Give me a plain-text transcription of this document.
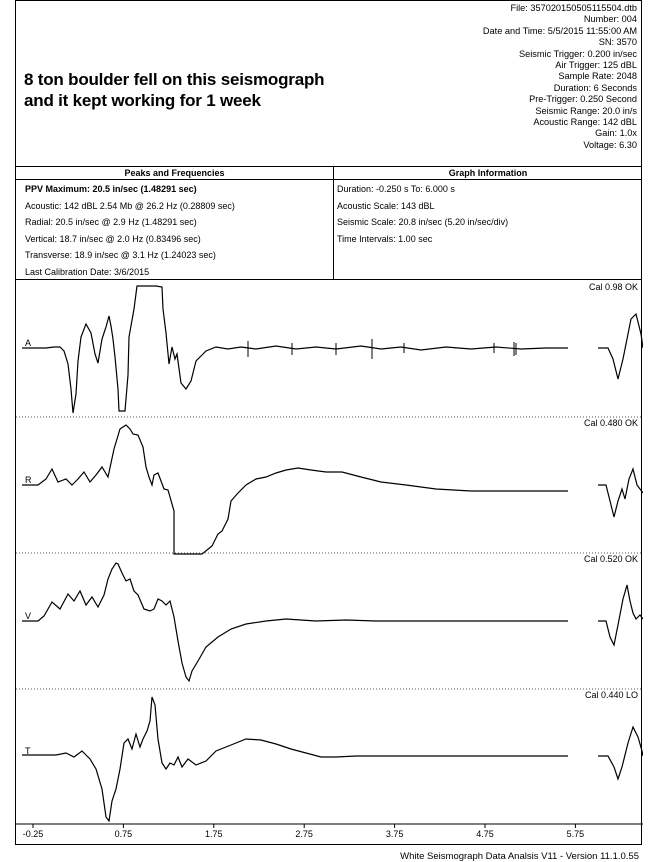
File: 357020150505115504.dtb
Number: 004
Date and Time: 5/5/2015 11:55:00 AM
SN: 3570
Seismic Trigger: 0.200 in/sec
Air Trigger: 125 dBL
Sample Rate: 2048
Duration: 6 Seconds
Pre-Trigger: 0.250 Second
Seismic Range: 20.0 in/s
Acoustic Range: 142 dBL
Gain: 1.0x
Voltage: 6.30
8 ton boulder fell on this seismograph
and it kept working for 1 week
Peaks and Frequencies	Graph Information
PPV Maximum: 20.5 in/sec (1.48291 sec)
Acoustic: 142 dBL 2.54 Mb @ 26.2 Hz (0.28809 sec)
Radial: 20.5 in/sec @ 2.9 Hz (1.48291 sec)
Vertical: 18.7 in/sec @ 2.0 Hz (0.83496 sec)
Transverse: 18.9 in/sec @ 3.1 Hz (1.24023 sec)
Last Calibration Date: 3/6/2015
Duration: -0.250 s To: 6.000 s
Acoustic Scale: 143 dBL
Seismic Scale: 20.8 in/sec (5.20 in/sec/div)
Time Intervals: 1.00 sec
A
R
V
T
Cal 0.98 OK
Cal 0.480 OK
Cal 0.520 OK
Cal 0.440 LO
-0.25	0.75	1.75	2.75	3.75	4.75	5.75
White Seismograph Data Analsis V11 - Version 11.1.0.55
